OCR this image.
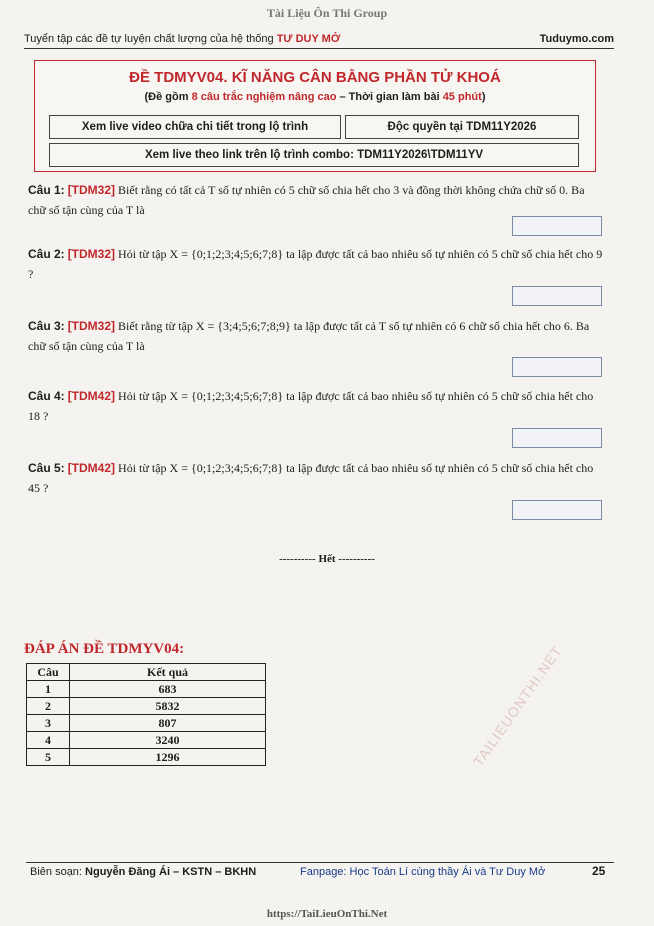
Tài Liệu Ôn Thi Group
Tuyển tập các đề tự luyện chất lượng của hệ thống TƯ DUY MỞ	Tuduymo.com
ĐỀ TDMYV04. KĨ NĂNG CÂN BẰNG PHẦN TỬ KHOÁ
(Đề gồm 8 câu trắc nghiệm nâng cao – Thời gian làm bài 45 phút)
Xem live video chữa chi tiết trong lộ trình	Độc quyền tại TDM11Y2026
Xem live theo link trên lộ trình combo: TDM11Y2026\TDM11YV
Câu 1: [TDM32] Biết rằng có tất cả T số tự nhiên có 5 chữ số chia hết cho 3 và đồng thời không chứa chữ số 0. Ba chữ số tận cùng của T là
Câu 2: [TDM32] Hỏi từ tập X = {0;1;2;3;4;5;6;7;8} ta lập được tất cả bao nhiêu số tự nhiên có 5 chữ số chia hết cho 9 ?
Câu 3: [TDM32] Biết rằng từ tập X = {3;4;5;6;7;8;9} ta lập được tất cả T số tự nhiên có 6 chữ số chia hết cho 6. Ba chữ số tận cùng của T là
Câu 4: [TDM42] Hỏi từ tập X = {0;1;2;3;4;5;6;7;8} ta lập được tất cả bao nhiêu số tự nhiên có 5 chữ số chia hết cho 18 ?
Câu 5: [TDM42] Hỏi từ tập X = {0;1;2;3;4;5;6;7;8} ta lập được tất cả bao nhiêu số tự nhiên có 5 chữ số chia hết cho 45 ?
---------- Hết ----------
ĐÁP ÁN ĐỀ TDMYV04:
Câu	Kết quả
1	683
2	5832
3	807
4	3240
5	1296	TAILIEUONTHI.NET
Biên soạn: Nguyễn Đăng Ái – KSTN – BKHN	Fanpage: Học Toán Lí cùng thầy Ái và Tư Duy Mở	25
https://TaiLieuOnThi.Net
